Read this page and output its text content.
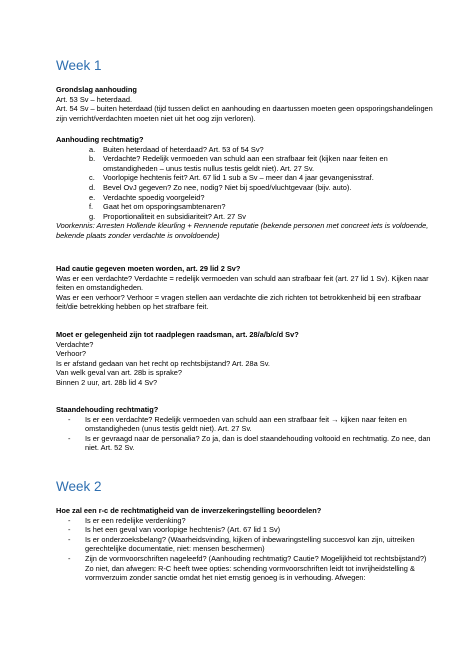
Week 1

Grondslag aanhouding

Art. 53 Sv – heterdaad.

Art. 54 Sv – buiten heterdaad (tijd tussen delict en aanhouding en daartussen moeten geen opsporingshandelingen zijn verricht/verdachten moeten niet uit het oog zijn verloren).

Aanhouding rechtmatig?

a. Buiten heterdaad of heterdaad? Art. 53 of 54 Sv?
b. Verdachte? Redelijk vermoeden van schuld aan een strafbaar feit (kijken naar feiten en omstandigheden – unus testis nullus testis geldt niet). Art. 27 Sv.
c. Voorlopige hechtenis feit? Art. 67 lid 1 sub a Sv – meer dan 4 jaar gevangenisstraf.
d. Bevel OvJ gegeven? Zo nee, nodig? Niet bij spoed/vluchtgevaar (bijv. auto).
e. Verdachte spoedig voorgeleid?
f. Gaat het om opsporingsambtenaren?
g. Proportionaliteit en subsidiariteit? Art. 27 Sv

Voorkennis: Arresten Hollende kleurling + Rennende reputatie (bekende personen met concreet iets is voldoende, bekende plaats zonder verdachte is onvoldoende)

Had cautie gegeven moeten worden, art. 29 lid 2 Sv?

Was er een verdachte? Verdachte = redelijk vermoeden van schuld aan strafbaar feit (art. 27 lid 1 Sv). Kijken naar feiten en omstandigheden.

Was er een verhoor? Verhoor = vragen stellen aan verdachte die zich richten tot betrokkenheid bij een strafbaar feit/die betrekking hebben op het strafbare feit.

Moet er gelegenheid zijn tot raadplegen raadsman, art. 28/a/b/c/d Sv?

Verdachte?

Verhoor?

Is er afstand gedaan van het recht op rechtsbijstand? Art. 28a Sv.

Van welk geval van art. 28b is sprake?

Binnen 2 uur, art. 28b lid 4 Sv?

Staandehouding rechtmatig?

- Is er een verdachte? Redelijk vermoeden van schuld aan een strafbaar feit → kijken naar feiten en omstandigheden (unus testis geldt niet). Art. 27 Sv.
- Is er gevraagd naar de personalia? Zo ja, dan is doel staandehouding voltooid en rechtmatig. Zo nee, dan niet. Art. 52 Sv.
Week 2

Hoe zal een r-c de rechtmatigheid van de inverzekeringstelling beoordelen?

- Is er een redelijke verdenking?
- Is het een geval van voorlopige hechtenis? (Art. 67 lid 1 Sv)
- Is er onderzoeksbelang? (Waarheidsvinding, kijken of inbewaringstelling succesvol kan zijn, uitreiken gerechtelijke documentatie, niet: mensen beschermen)
- Zijn de vormvoorschriften nageleefd? (Aanhouding rechtmatig? Cautie? Mogelijkheid tot rechtsbijstand?)

Zo niet, dan afwegen: R-C heeft twee opties: schending vormvoorschriften leidt tot invrijheidstelling & vormverzuim zonder sanctie omdat het niet ernstig genoeg is in verhouding. Afwegen:
